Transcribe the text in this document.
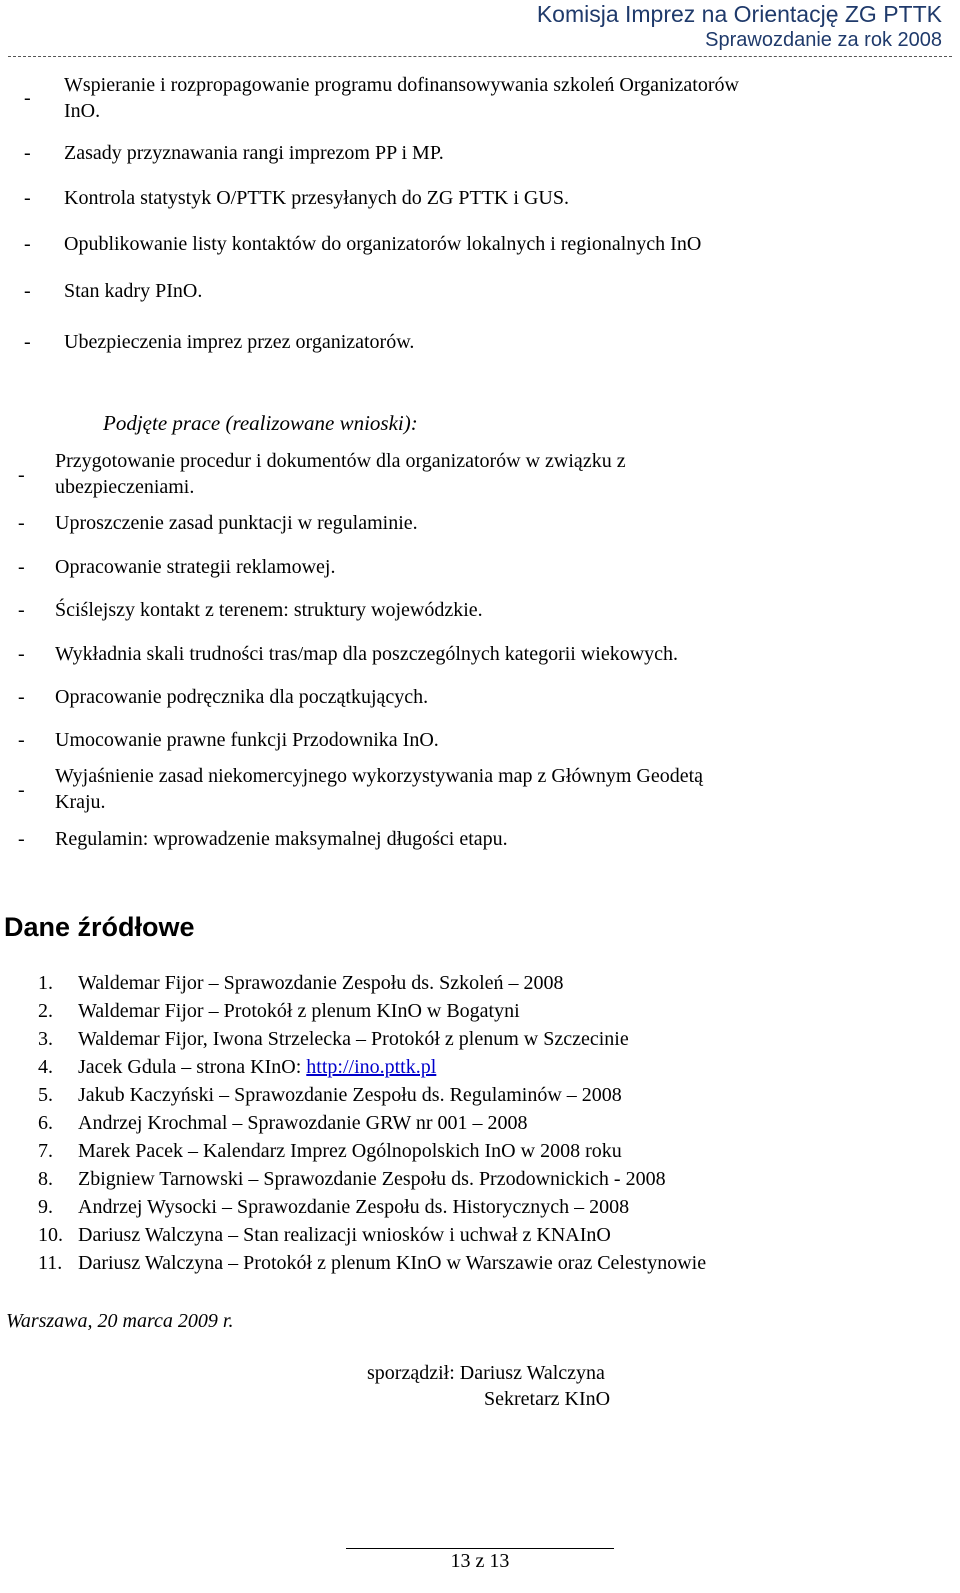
Komisja Imprez na Orientację ZG PTTK
Sprawozdanie za rok 2008
-
Wspieranie i rozpropagowanie programu dofinansowywania szkoleń Organizatorów
InO.
- Zasady przyznawania rangi imprezom PP i MP.
- Kontrola statystyk O/PTTK przesyłanych do ZG PTTK i GUS.
- Opublikowanie listy kontaktów do organizatorów lokalnych i regionalnych InO
- Stan kadry PInO.
- Ubezpieczenia imprez przez organizatorów.
Podjęte prace (realizowane wnioski):
-
Przygotowanie procedur i dokumentów dla organizatorów w związku z
ubezpieczeniami.
- Uproszczenie zasad punktacji w regulaminie.
- Opracowanie strategii reklamowej.
- Ściślejszy kontakt z terenem: struktury wojewódzkie.
- Wykładnia skali trudności tras/map dla poszczególnych kategorii wiekowych.
- Opracowanie podręcznika dla początkujących.
- Umocowanie prawne funkcji Przodownika InO.
-
Wyjaśnienie zasad niekomercyjnego wykorzystywania map z Głównym Geodetą
Kraju.
- Regulamin: wprowadzenie maksymalnej długości etapu.
Dane źródłowe
1.	Waldemar Fijor – Sprawozdanie Zespołu ds. Szkoleń – 2008
2.	Waldemar Fijor – Protokół z plenum KInO w Bogatyni
3.	Waldemar Fijor, Iwona Strzelecka – Protokół z plenum w Szczecinie
4.	Jacek Gdula – strona KInO: http://ino.pttk.pl
5.	Jakub Kaczyński – Sprawozdanie Zespołu ds. Regulaminów – 2008
6.	Andrzej Krochmal – Sprawozdanie GRW nr 001 – 2008
7.	Marek Pacek – Kalendarz Imprez Ogólnopolskich InO w 2008 roku
8.	Zbigniew Tarnowski – Sprawozdanie Zespołu ds. Przodownickich - 2008
9.	Andrzej Wysocki – Sprawozdanie Zespołu ds. Historycznych – 2008
10. Dariusz Walczyna – Stan realizacji wniosków i uchwał z KNAInO
11. Dariusz Walczyna – Protokół z plenum KInO w Warszawie oraz Celestynowie
Warszawa, 20 marca 2009 r.
sporządził: Dariusz Walczyna
Sekretarz KInO
13 z 13
